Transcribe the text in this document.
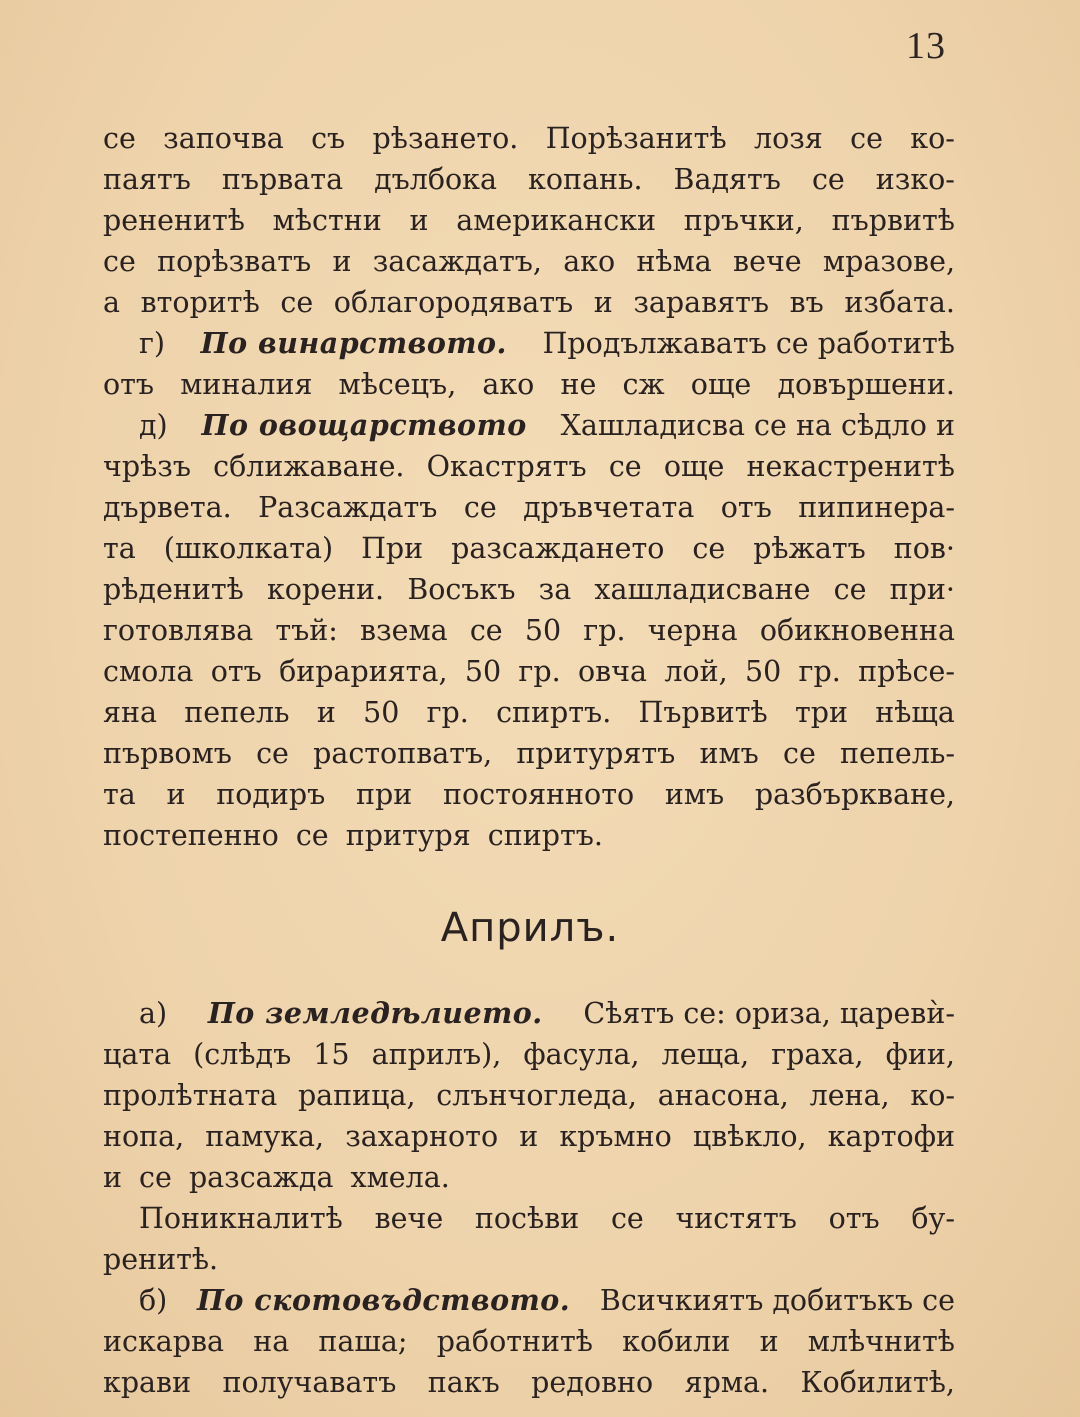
13
се започва съ рѣзането. Порѣзанитѣ лозя се ко-
паятъ първата дълбока копань. Вадятъ се изко-
рененитѣ мѣстни и американски пръчки, първитѣ
се порѣзватъ и засаждатъ, ако нѣма вече мразове,
а вторитѣ се облагородяватъ и заравятъ въ избата.
г) По винарството. Продължаватъ се работитѣ
отъ миналия мѣсецъ, ако не сж още довършени.
д) По овощарството Хашладисва се на сѣдло и
чрѣзъ сближаване. Окастрятъ се още некастренитѣ
дървета. Разсаждатъ се дръвчетата отъ пипинера-
та (школката) При разсаждането се рѣжатъ пов·
рѣденитѣ корени. Восъкъ за хашладисване се при·
готовлява тъй: взема се 50 гр. черна обикновенна
смола отъ бирарията, 50 гр. овча лой, 50 гр. прѣсе-
яна пепель и 50 гр. спиртъ. Първитѣ три нѣща
първомъ се растопватъ, притурятъ имъ се пепель-
та и подиръ при постоянното имъ разбъркване,
постепенно се притуря спиртъ.
Априлъ.
а) По земледѣлието. Сѣятъ се: ориза, царевѝ-
цата (слѣдъ 15 априлъ), фасула, леща, граха, фии,
пролѣтната рапица, слънчогледа, анасона, лена, ко-
нопа, памука, захарното и кръмно цвѣкло, картофи
и се разсажда хмела.
Поникналитѣ вече посѣви се чистятъ отъ бу-
ренитѣ.
б) По скотовъдството. Всичкиятъ добитъкъ се
искарва на паша; работнитѣ кобили и млѣчнитѣ
крави получаватъ пакъ редовно ярма. Кобилитѣ,
